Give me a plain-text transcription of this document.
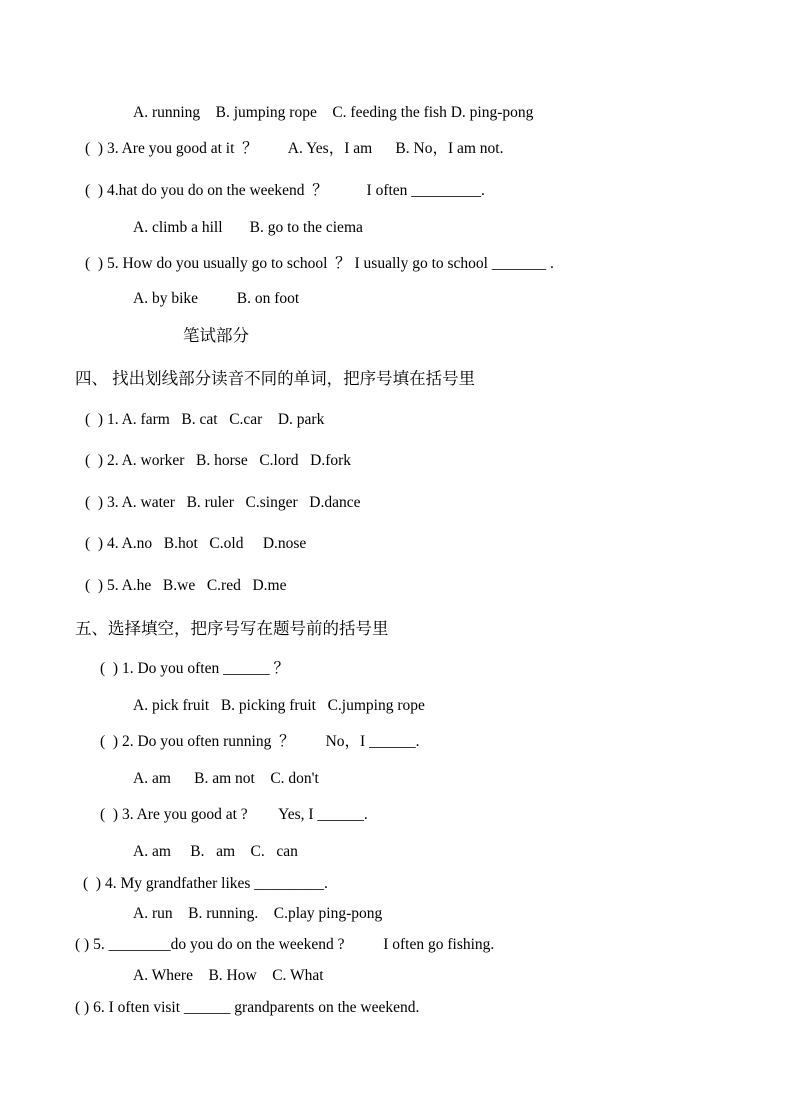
A. running    B. jumping rope    C. feeding the fish D. ping-pong
(  ) 3. Are you good at it  ？        A. Yes，I am      B. No，I am not.
(  ) 4.hat do you do on the weekend  ？          I often _________.
A. climb a hill       B. go to the ciema
(  ) 5. How do you usually go to school  ？ I usually go to school _______ .
A. by bike          B. on foot
笔试部分
四、 找出划线部分读音不同的单词，把序号填在括号里
(  ) 1. A. farm   B. cat   C.car    D. park
(  ) 2. A. worker   B. horse   C.lord   D.fork
(  ) 3. A. water   B. ruler   C.singer   D.dance
(  ) 4. A.no   B.hot   C.old     D.nose
(  ) 5. A.he   B.we   C.red   D.me
五、选择填空，把序号写在题号前的括号里
(  ) 1. Do you often ______ ？
A. pick fruit   B. picking fruit   C.jumping rope
(  ) 2. Do you often running  ？        No，I ______.
A. am      B. am not    C. don't
(  ) 3. Are you good at ?        Yes, I ______.
A. am     B.   am    C.   can
(  ) 4. My grandfather likes _________.
A. run    B. running.    C.play ping-pong
( ) 5. ________do you do on the weekend ?          I often go fishing.
A. Where    B. How    C. What
( ) 6. I often visit ______ grandparents on the weekend.
